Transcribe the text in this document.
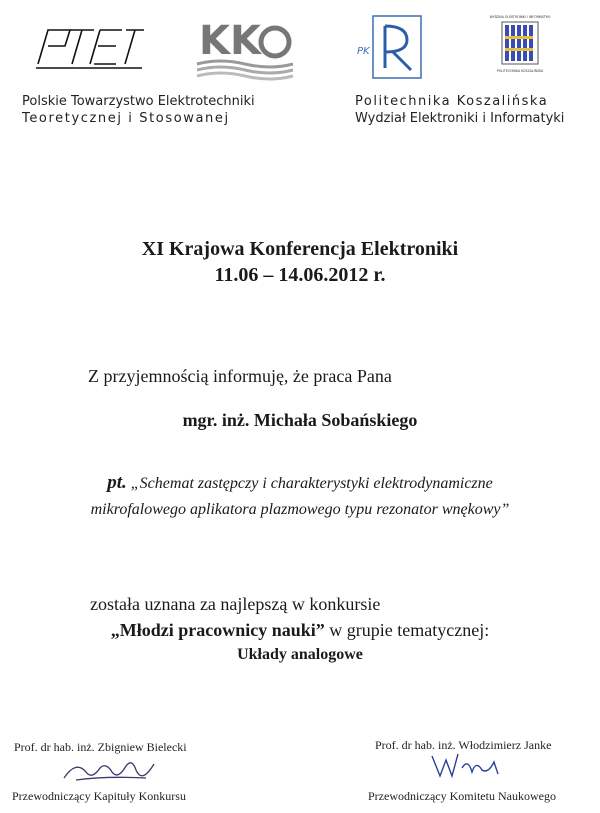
KK	PK
WYDZIAŁ ELEKTRONIKI I INFORMATYKI
POLITECHNIKA KOSZALIŃSKA
Polskie Towarzystwo Elektrotechniki
Teoretycznej i Stosowanej
Politechnika Koszalińska
Wydział Elektroniki i Informatyki
XI Krajowa Konferencja Elektroniki
11.06 – 14.06.2012 r.
Z przyjemnością informuję, że praca Pana
mgr. inż. Michała Sobańskiego
pt. „Schemat zastępczy i charakterystyki elektrodynamiczne
mikrofalowego aplikatora plazmowego typu rezonator wnękowy”
została uznana za najlepszą w konkursie
„Młodzi pracownicy nauki” w grupie tematycznej:
Układy analogowe
Prof. dr hab. inż. Zbigniew Bielecki
Przewodniczący Kapituły Konkursu
Prof. dr hab. inż. Włodzimierz Janke
Przewodniczący Komitetu Naukowego
